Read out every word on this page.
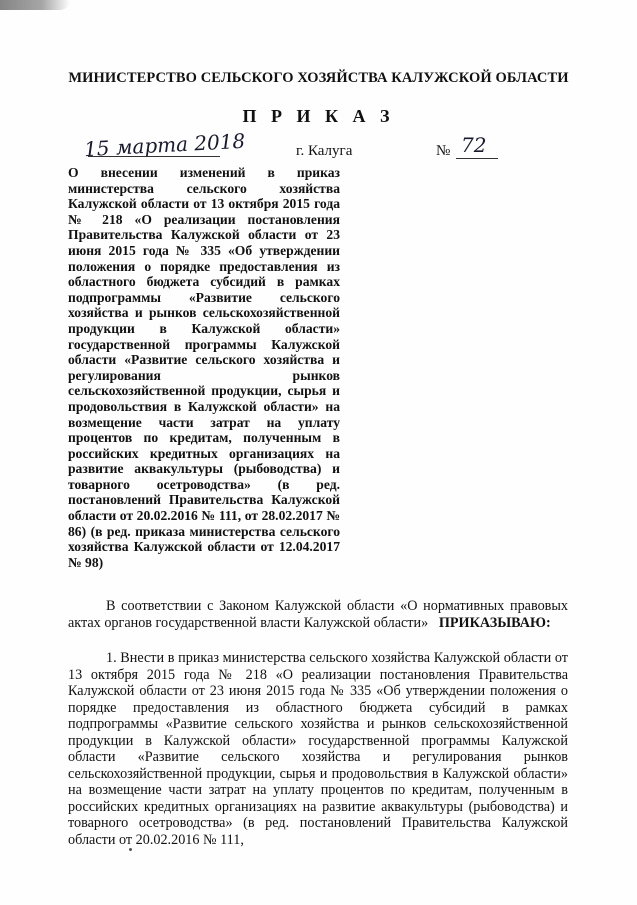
МИНИСТЕРСТВО СЕЛЬСКОГО ХОЗЯЙСТВА КАЛУЖСКОЙ ОБЛАСТИ
П Р И К А З
15 марта 2018	г. Калуга	№ 72

О внесении изменений в приказ министерства сельского хозяйства Калужской области от 13 октября 2015 года № 218 «О реализации постановления Правительства Калужской области от 23 июня 2015 года № 335 «Об утверждении положения о порядке предоставления из областного бюджета субсидий в рамках подпрограммы «Развитие сельского хозяйства и рынков сельскохозяйственной продукции в Калужской области» государственной программы Калужской области «Развитие сельского хозяйства и регулирования рынков сельскохозяйственной продукции, сырья и продовольствия в Калужской области» на возмещение части затрат на уплату процентов по кредитам, полученным в российских кредитных организациях на развитие аквакультуры (рыбоводства) и товарного осетроводства» (в ред. постановлений Правительства Калужской области от 20.02.2016 № 111, от 28.02.2017 № 86) (в ред. приказа министерства сельского хозяйства Калужской области от 12.04.2017 № 98)

В соответствии с Законом Калужской области «О нормативных правовых актах органов государственной власти Калужской области» ПРИКАЗЫВАЮ:

1. Внести в приказ министерства сельского хозяйства Калужской области от 13 октября 2015 года № 218 «О реализации постановления Правительства Калужской области от 23 июня 2015 года № 335 «Об утверждении положения о порядке предоставления из областного бюджета субсидий в рамках подпрограммы «Развитие сельского хозяйства и рынков сельскохозяйственной продукции в Калужской области» государственной программы Калужской области «Развитие сельского хозяйства и регулирования рынков сельскохозяйственной продукции, сырья и продовольствия в Калужской области» на возмещение части затрат на уплату процентов по кредитам, полученным в российских кредитных организациях на развитие аквакультуры (рыбоводства) и товарного осетроводства» (в ред. постановлений Правительства Калужской области от 20.02.2016 № 111,
